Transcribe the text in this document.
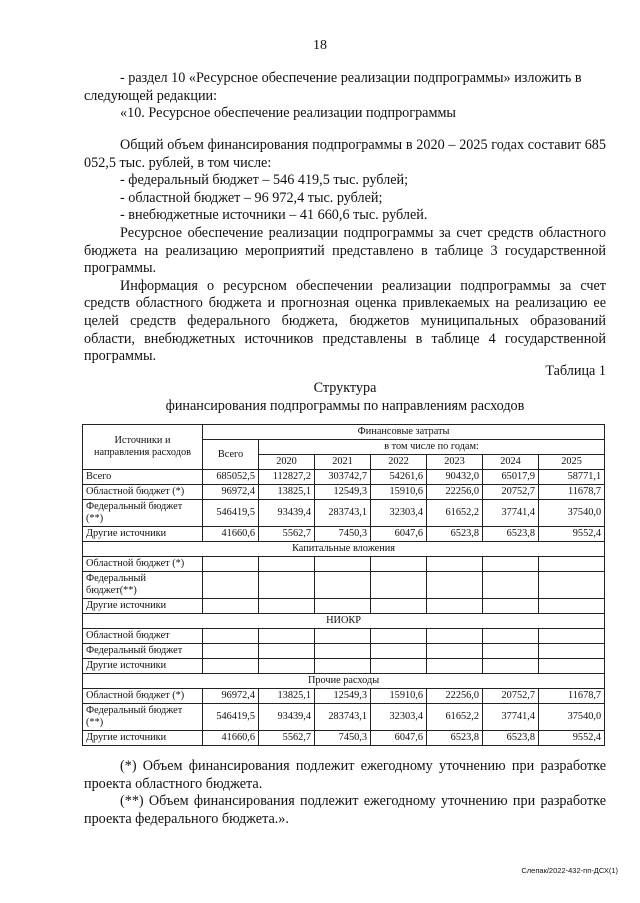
18

- раздел 10 «Ресурсное обеспечение реализации подпрограммы» изложить в следующей редакции:

«10. Ресурсное обеспечение реализации подпрограммы

Общий объем финансирования подпрограммы в 2020 – 2025 годах составит 685 052,5 тыс. рублей, в том числе:

- федеральный бюджет – 546 419,5 тыс. рублей;

- областной бюджет – 96 972,4 тыс. рублей;

- внебюджетные источники – 41 660,6 тыс. рублей.

Ресурсное обеспечение реализации подпрограммы за счет средств областного бюджета на реализацию мероприятий представлено в таблице 3 государственной программы.

Информация о ресурсном обеспечении реализации подпрограммы за счет средств областного бюджета и прогнозная оценка привлекаемых на реализацию ее целей средств федерального бюджета, бюджетов муниципальных образований области, внебюджетных источников представлены в таблице 4 государственной программы.

Таблица 1
Структура
финансирования подпрограммы по направлениям расходов
Источники и направления расходов	Финансовые затраты						
	Всего	в том числе по годам:					
		2020	2021	2022	2023	2024	2025
Всего	685052,5	112827,2	303742,7	54261,6	90432,0	65017,9	58771,1
Областной бюджет (*)	96972,4	13825,1	12549,3	15910,6	22256,0	20752,7	11678,7
Федеральный бюджет (**)	546419,5	93439,4	283743,1	32303,4	61652,2	37741,4	37540,0
Другие источники	41660,6	5562,7	7450,3	6047,6	6523,8	6523,8	9552,4
Капитальные вложения							
Областной бюджет (*)							
Федеральный бюджет(**)							
Другие источники							
НИОКР							
Областной бюджет							
Федеральный бюджет							
Другие источники							
Прочие расходы							
Областной бюджет (*)	96972,4	13825,1	12549,3	15910,6	22256,0	20752,7	11678,7
Федеральный бюджет (**)	546419,5	93439,4	283743,1	32303,4	61652,2	37741,4	37540,0
Другие источники	41660,6	5562,7	7450,3	6047,6	6523,8	6523,8	9552,4

(*) Объем финансирования подлежит ежегодному уточнению при разработке проекта областного бюджета.

(**) Объем финансирования подлежит ежегодному уточнению при разработке проекта федерального бюджета.».

Слепак/2022-432-пп-ДСХ(1)
